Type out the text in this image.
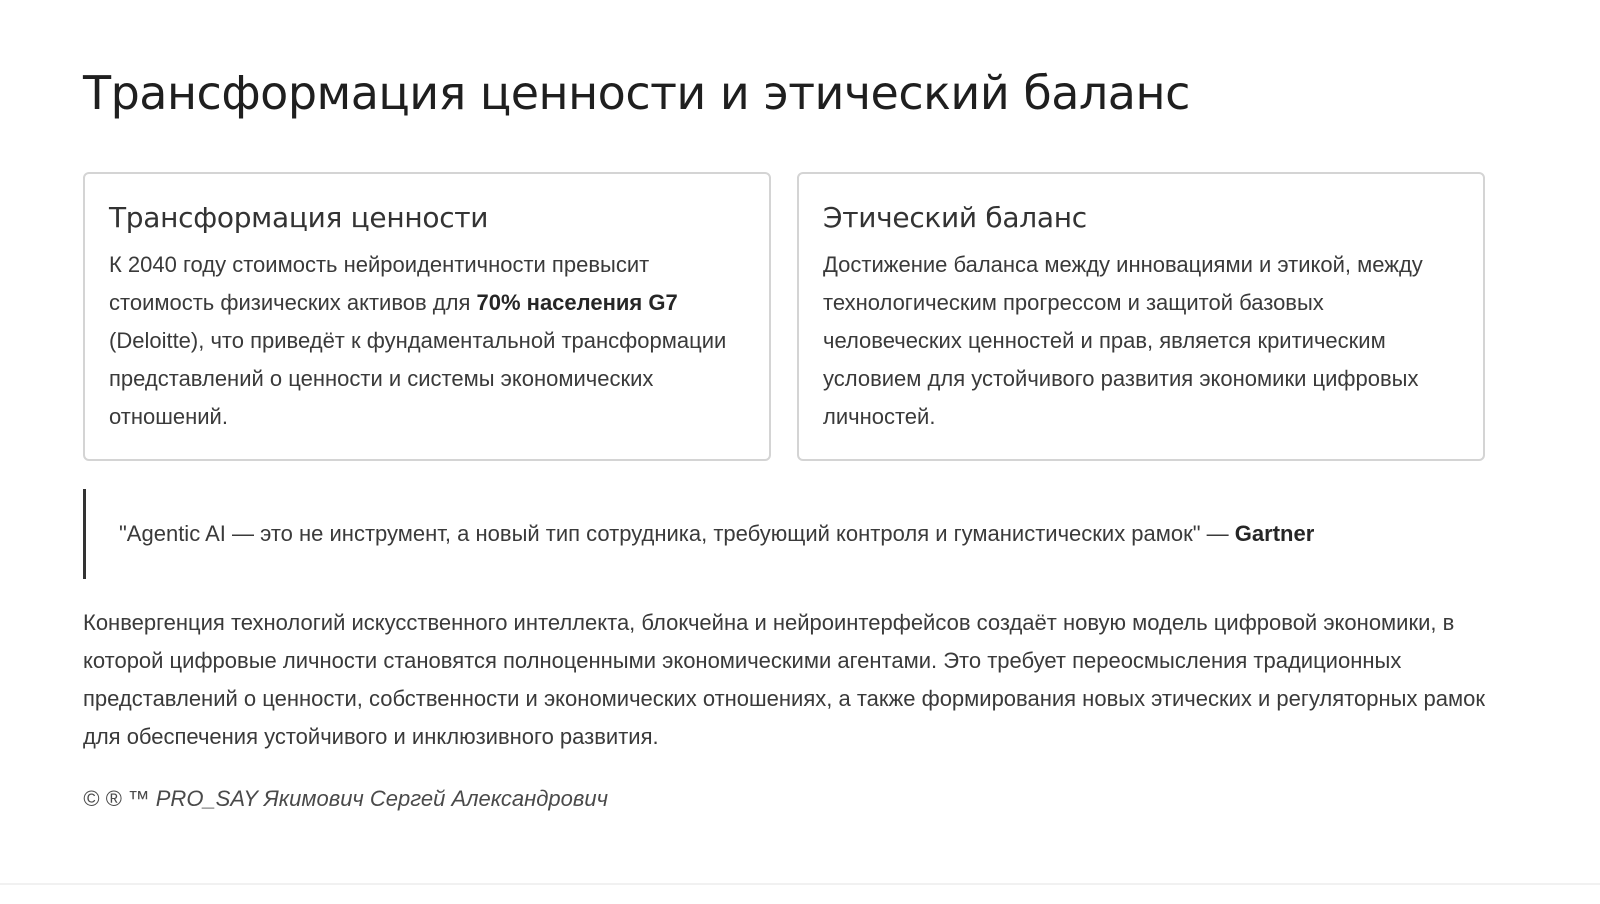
Трансформация ценности и этический баланс
Трансформация ценности

К 2040 году стоимость нейроидентичности превысит стоимость физических активов для 70% населения G7 (Deloitte), что приведёт к фундаментальной трансформации представлений о ценности и системы экономических отношений.

Этический баланс

Достижение баланса между инновациями и этикой, между технологическим прогрессом и защитой базовых человеческих ценностей и прав, является критическим условием для устойчивого развития экономики цифровых личностей.

"Agentic AI — это не инструмент, а новый тип сотрудника, требующий контроля и гуманистических рамок" — Gartner

Конвергенция технологий искусственного интеллекта, блокчейна и нейроинтерфейсов создаёт новую модель цифровой экономики, в которой цифровые личности становятся полноценными экономическими агентами. Это требует переосмысления традиционных представлений о ценности, собственности и экономических отношениях, а также формирования новых этических и регуляторных рамок для обеспечения устойчивого и инклюзивного развития.

© ® ™ PRO_SAY Якимович Сергей Александрович
